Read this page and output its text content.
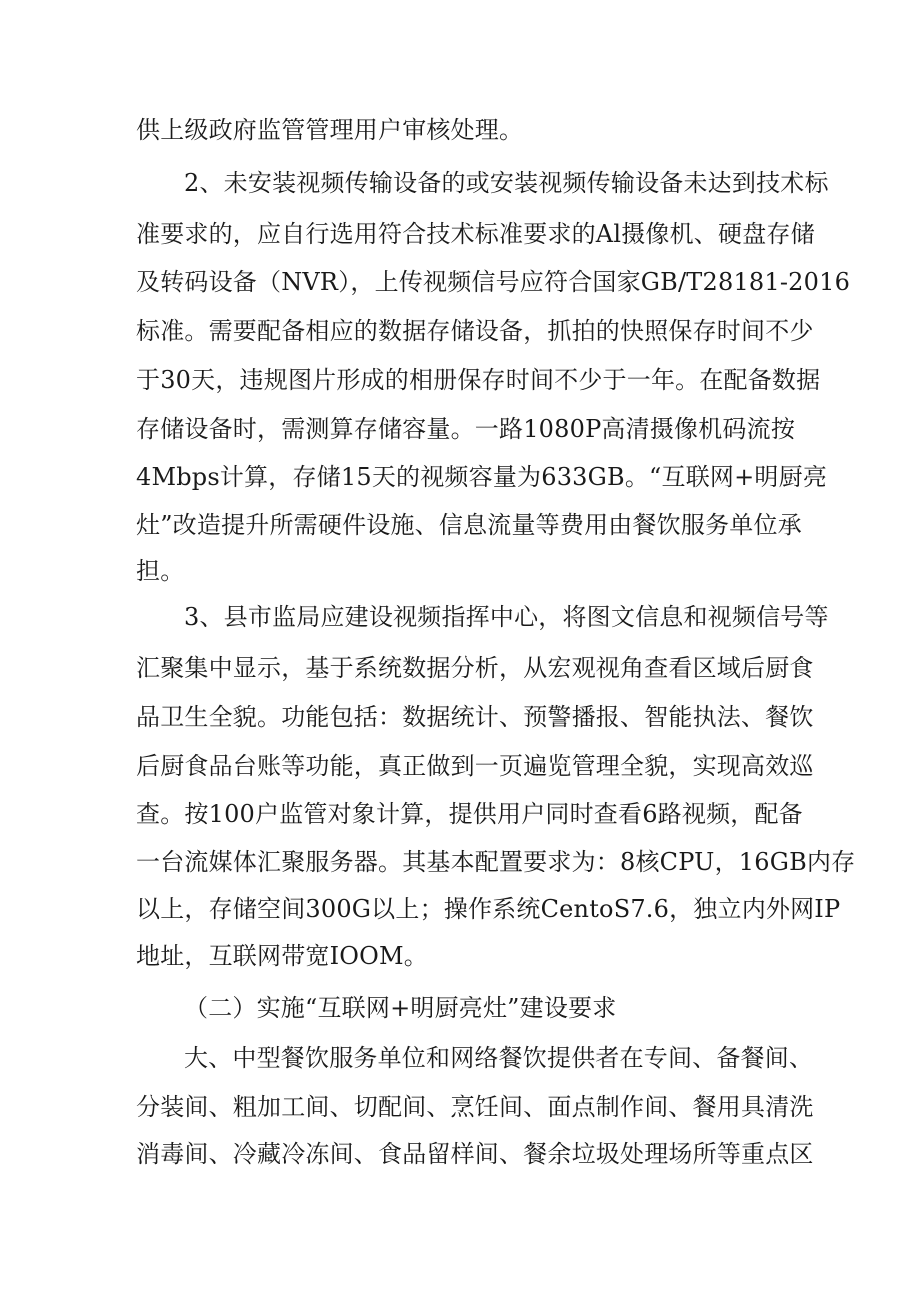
供上级政府监管管理用户审核处理。
2、未安装视频传输设备的或安装视频传输设备未达到技术标
准要求的，应自行选用符合技术标准要求的Al摄像机、硬盘存储
及转码设备（NVR），上传视频信号应符合国家GB/T28181-2016
标准。需要配备相应的数据存储设备，抓拍的快照保存时间不少
于30天，违规图片形成的相册保存时间不少于一年。在配备数据
存储设备时，需测算存储容量。一路1080P高清摄像机码流按
4Mbps计算，存储15天的视频容量为633GB。“互联网+明厨亮
灶”改造提升所需硬件设施、信息流量等费用由餐饮服务单位承
担。
3、县市监局应建设视频指挥中心，将图文信息和视频信号等
汇聚集中显示，基于系统数据分析，从宏观视角查看区域后厨食
品卫生全貌。功能包括：数据统计、预警播报、智能执法、餐饮
后厨食品台账等功能，真正做到一页遍览管理全貌，实现高效巡
查。按100户监管对象计算，提供用户同时查看6路视频，配备
一台流媒体汇聚服务器。其基本配置要求为：8核CPU，16GB内存
以上，存储空间300G以上；操作系统CentoS7.6，独立内外网IP
地址，互联网带宽IOOM。
（二）实施“互联网+明厨亮灶”建设要求
大、中型餐饮服务单位和网络餐饮提供者在专间、备餐间、
分装间、粗加工间、切配间、烹饪间、面点制作间、餐用具清洗
消毒间、冷藏冷冻间、食品留样间、餐余垃圾处理场所等重点区
